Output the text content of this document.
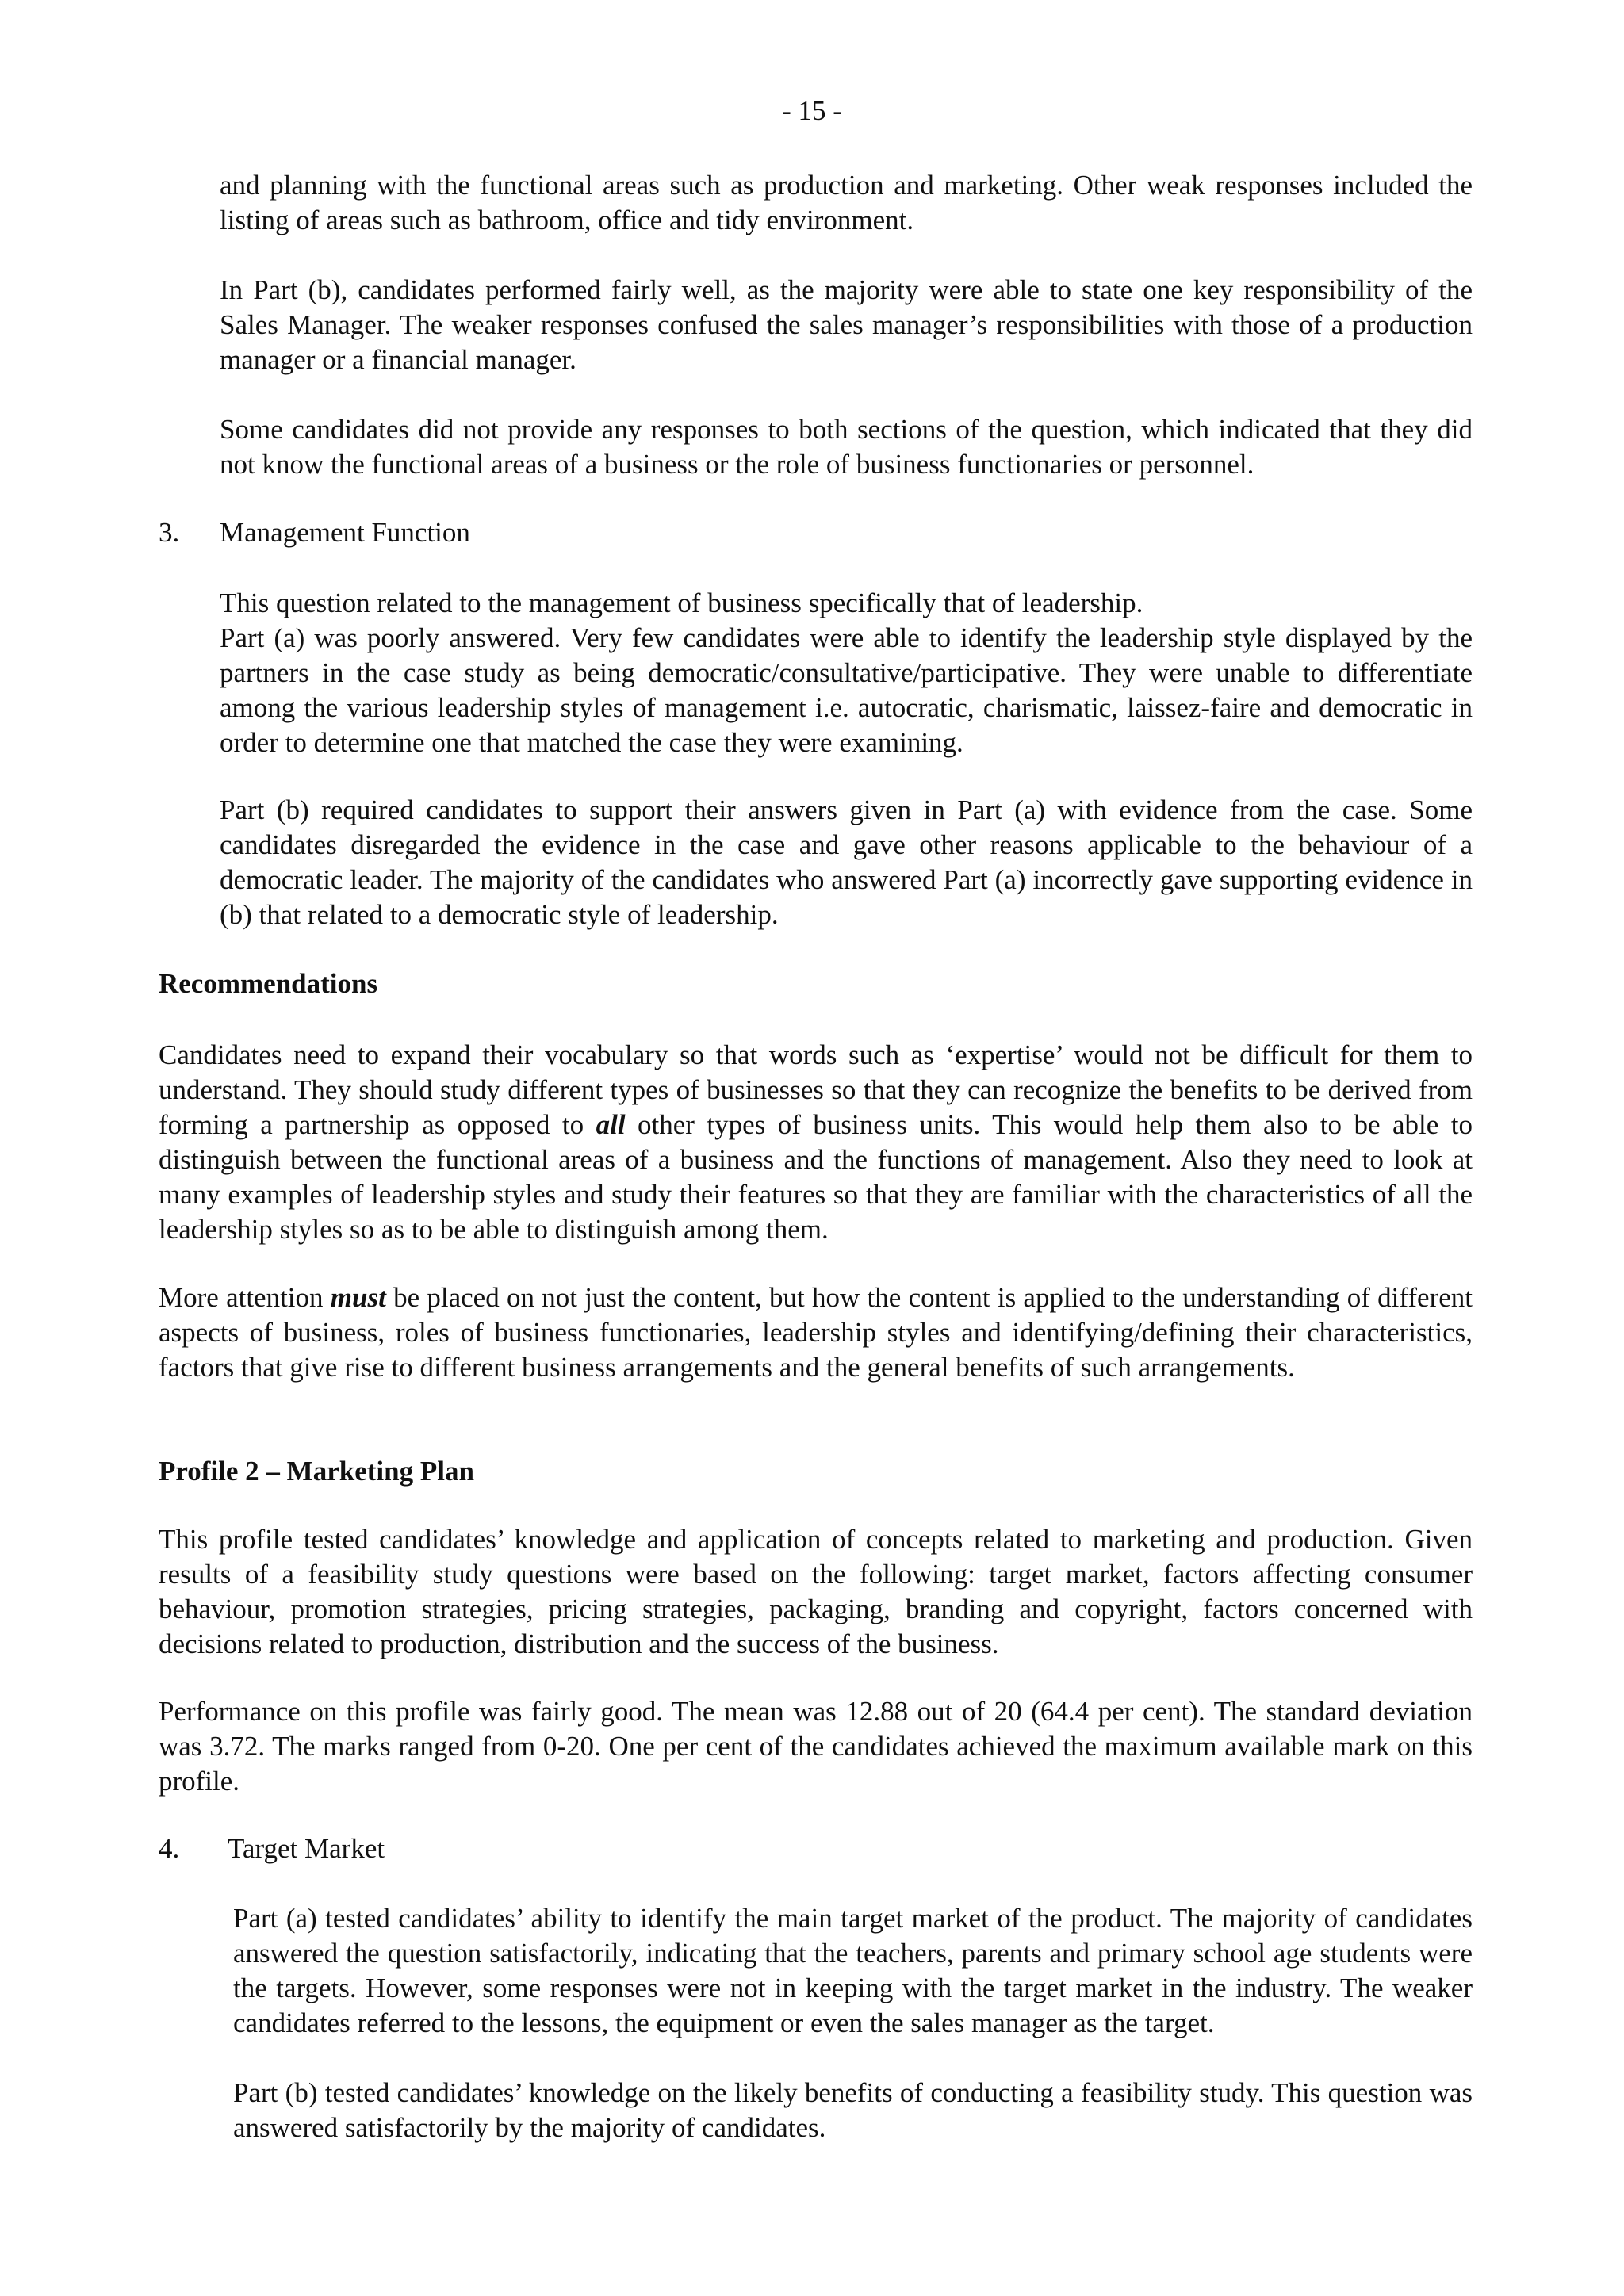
- 15 -

and planning with the functional areas such as production and marketing. Other weak responses included the listing of areas such as bathroom, office and tidy environment.

In Part (b), candidates performed fairly well, as the majority were able to state one key responsibility of the Sales Manager. The weaker responses confused the sales manager’s responsibilities with those of a production manager or a financial manager.

Some candidates did not provide any responses to both sections of the question, which indicated that they did not know the functional areas of a business or the role of business functionaries or personnel.

3. Management Function

This question related to the management of business specifically that of leadership.

Part (a) was poorly answered. Very few candidates were able to identify the leadership style displayed by the partners in the case study as being democratic/consultative/participative. They were unable to differentiate among the various leadership styles of management i.e. autocratic, charismatic, laissez-faire and democratic in order to determine one that matched the case they were examining.

Part (b) required candidates to support their answers given in Part (a) with evidence from the case. Some candidates disregarded the evidence in the case and gave other reasons applicable to the behaviour of a democratic leader. The majority of the candidates who answered Part (a) incorrectly gave supporting evidence in (b) that related to a democratic style of leadership.

Recommendations

Candidates need to expand their vocabulary so that words such as ‘expertise’ would not be difficult for them to understand. They should study different types of businesses so that they can recognize the benefits to be derived from forming a partnership as opposed to all other types of business units. This would help them also to be able to distinguish between the functional areas of a business and the functions of management. Also they need to look at many examples of leadership styles and study their features so that they are familiar with the characteristics of all the leadership styles so as to be able to distinguish among them.

More attention must be placed on not just the content, but how the content is applied to the understanding of different aspects of business, roles of business functionaries, leadership styles and identifying/defining their characteristics, factors that give rise to different business arrangements and the general benefits of such arrangements.

Profile 2 – Marketing Plan

This profile tested candidates’ knowledge and application of concepts related to marketing and production. Given results of a feasibility study questions were based on the following: target market, factors affecting consumer behaviour, promotion strategies, pricing strategies, packaging, branding and copyright, factors concerned with decisions related to production, distribution and the success of the business.

Performance on this profile was fairly good. The mean was 12.88 out of 20 (64.4 per cent). The standard deviation was 3.72. The marks ranged from 0-20. One per cent of the candidates achieved the maximum available mark on this profile.

4. Target Market

Part (a) tested candidates’ ability to identify the main target market of the product. The majority of candidates answered the question satisfactorily, indicating that the teachers, parents and primary school age students were the targets. However, some responses were not in keeping with the target market in the industry. The weaker candidates referred to the lessons, the equipment or even the sales manager as the target.

Part (b) tested candidates’ knowledge on the likely benefits of conducting a feasibility study. This question was answered satisfactorily by the majority of candidates.
